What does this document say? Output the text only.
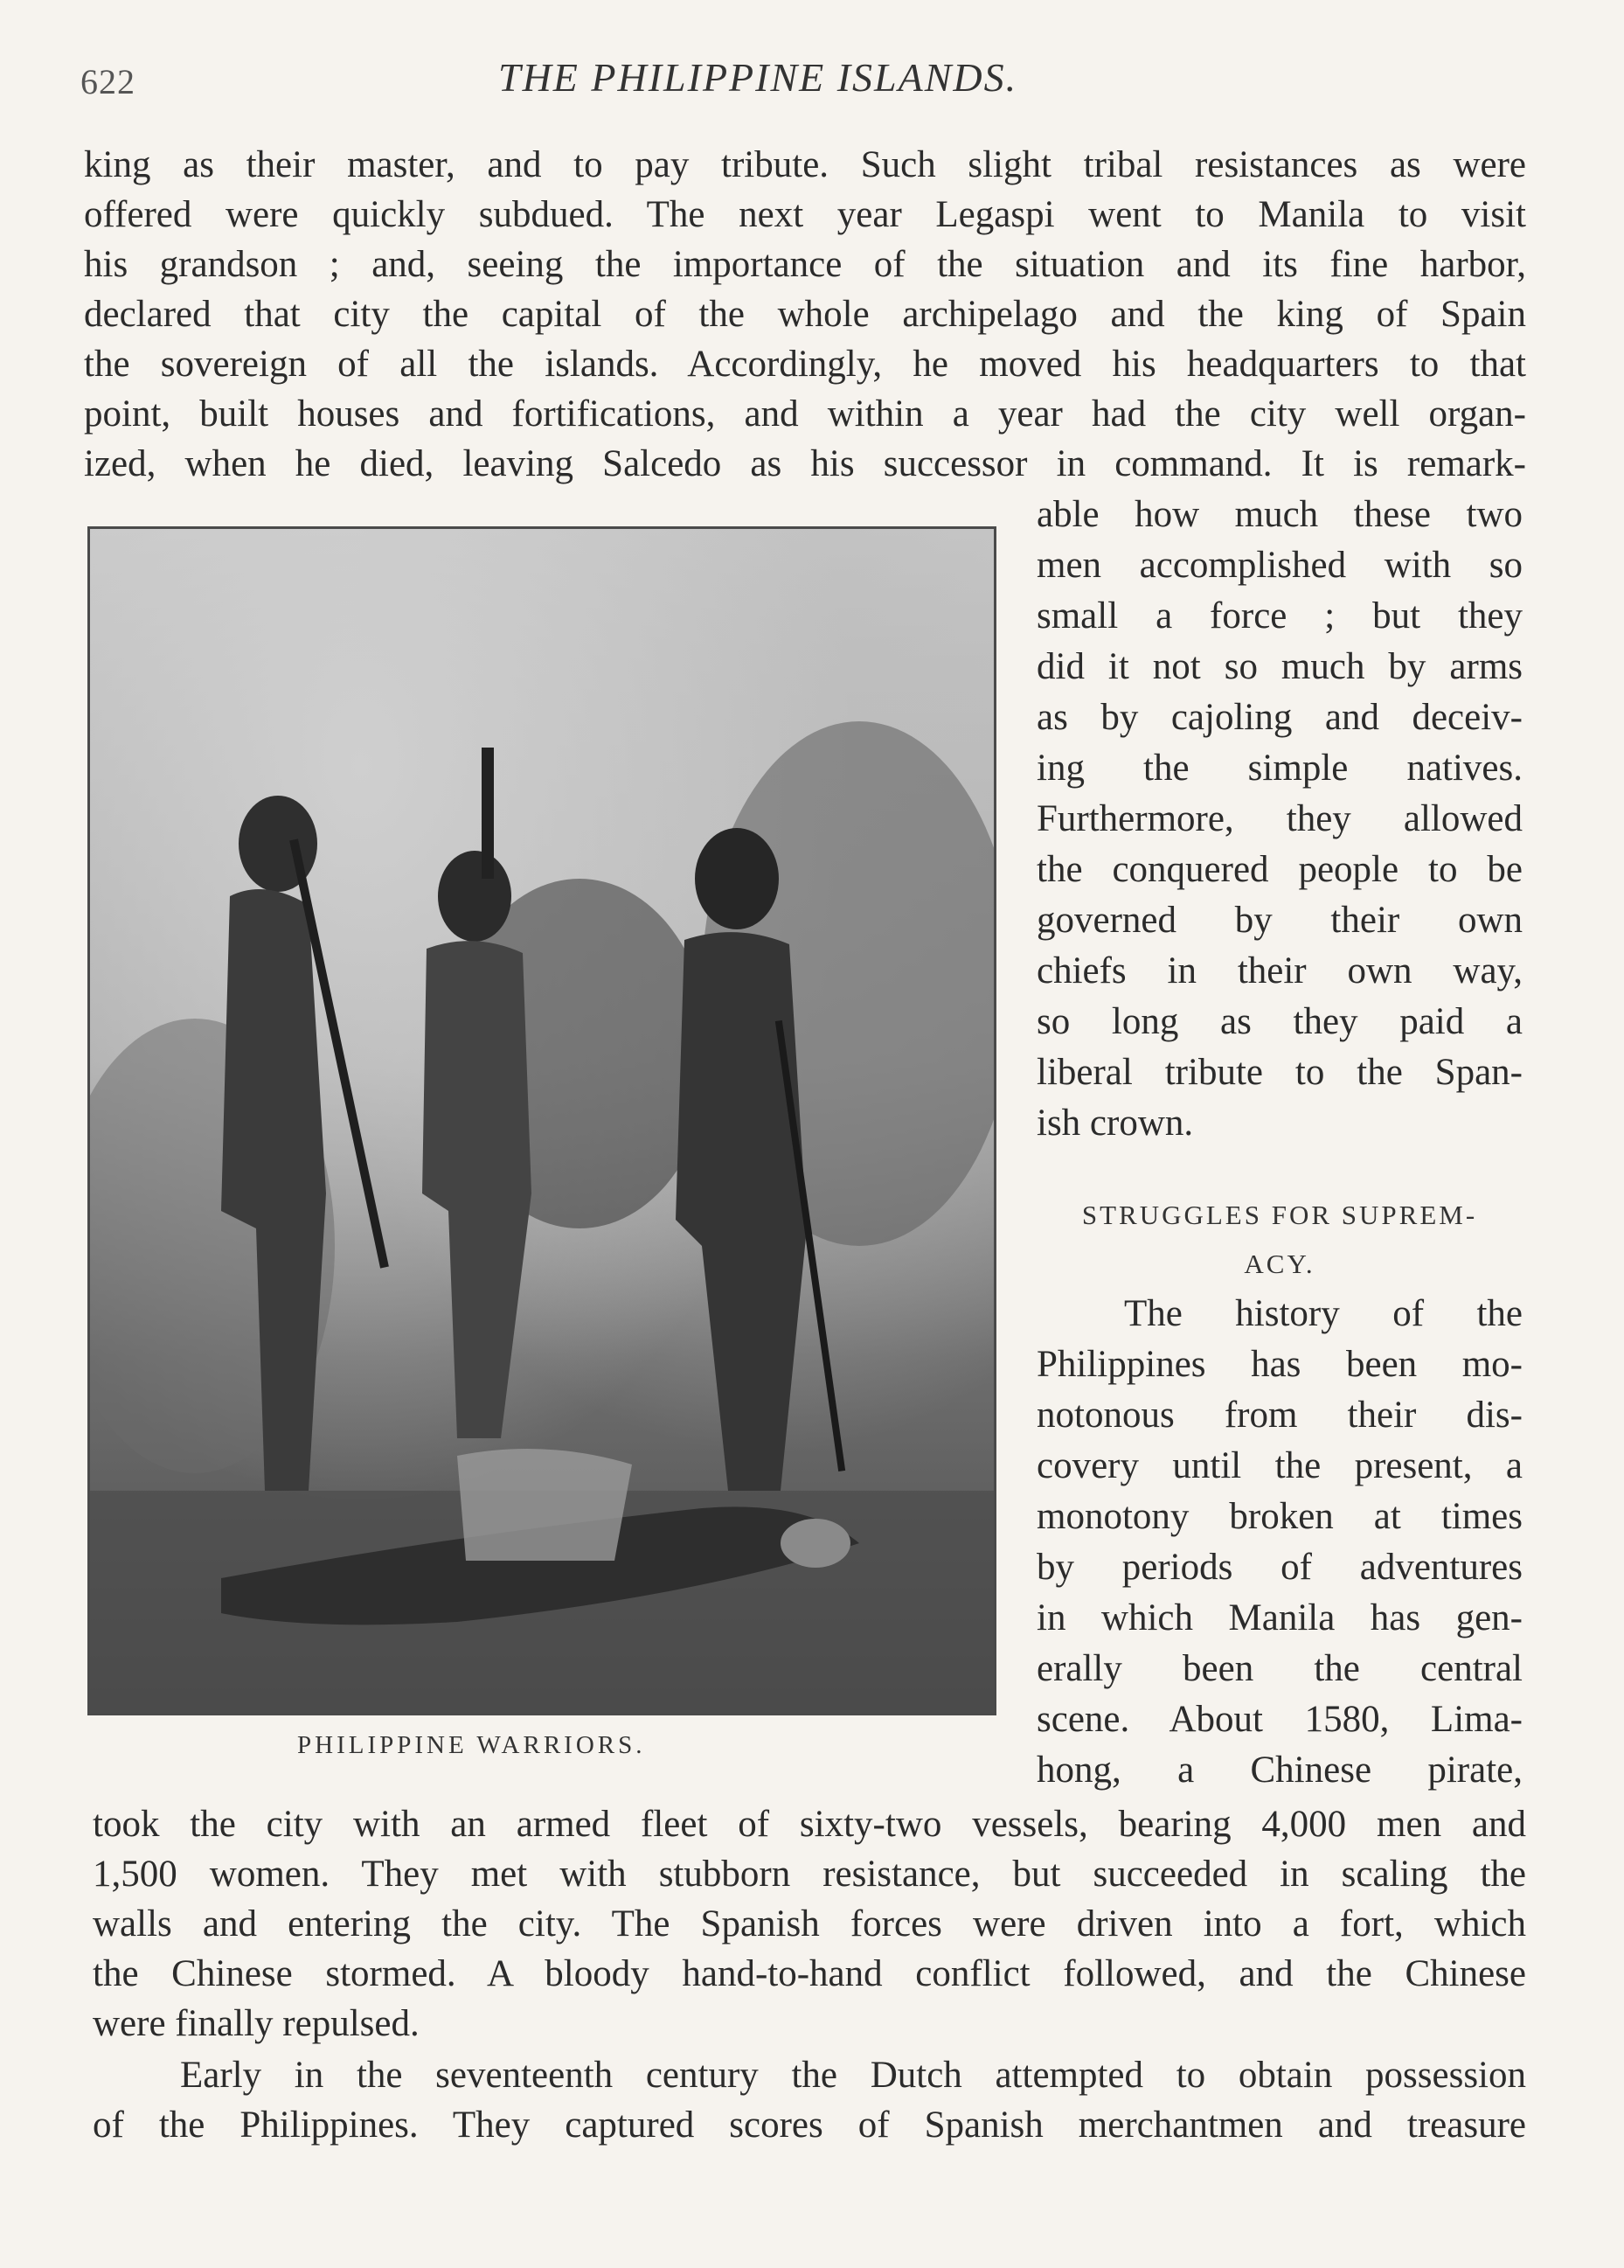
622	THE PHILIPPINE ISLANDS.
king as their master, and to pay tribute. Such slight tribal resistances as were
offered were quickly subdued. The next year Legaspi went to Manila to visit
his grandson ; and, seeing the importance of the situation and its fine harbor,
declared that city the capital of the whole archipelago and the king of Spain
the sovereign of all the islands. Accordingly, he moved his headquarters to that
point, built houses and fortifications, and within a year had the city well organ-
ized, when he died, leaving Salcedo as his successor in command. It is remark-
PHILIPPINE WARRIORS.
able how much these two
men accomplished with so
small a force ; but they
did it not so much by arms
as by cajoling and deceiv-
ing the simple natives.
Furthermore, they allowed
the conquered people to be
governed by their own
chiefs in their own way,
so long as they paid a
liberal tribute to the Span-
ish crown.
STRUGGLES FOR SUPREM-
ACY.
The history of the
Philippines has been mo-
notonous from their dis-
covery until the present, a
monotony broken at times
by periods of adventures
in which Manila has gen-
erally been the central
scene. About 1580, Lima-
hong, a Chinese pirate,
took the city with an armed fleet of sixty-two vessels, bearing 4,000 men and
1,500 women. They met with stubborn resistance, but succeeded in scaling the
walls and entering the city. The Spanish forces were driven into a fort, which
the Chinese stormed. A bloody hand-to-hand conflict followed, and the Chinese
were finally repulsed.
Early in the seventeenth century the Dutch attempted to obtain possession
of the Philippines. They captured scores of Spanish merchantmen and treasure
